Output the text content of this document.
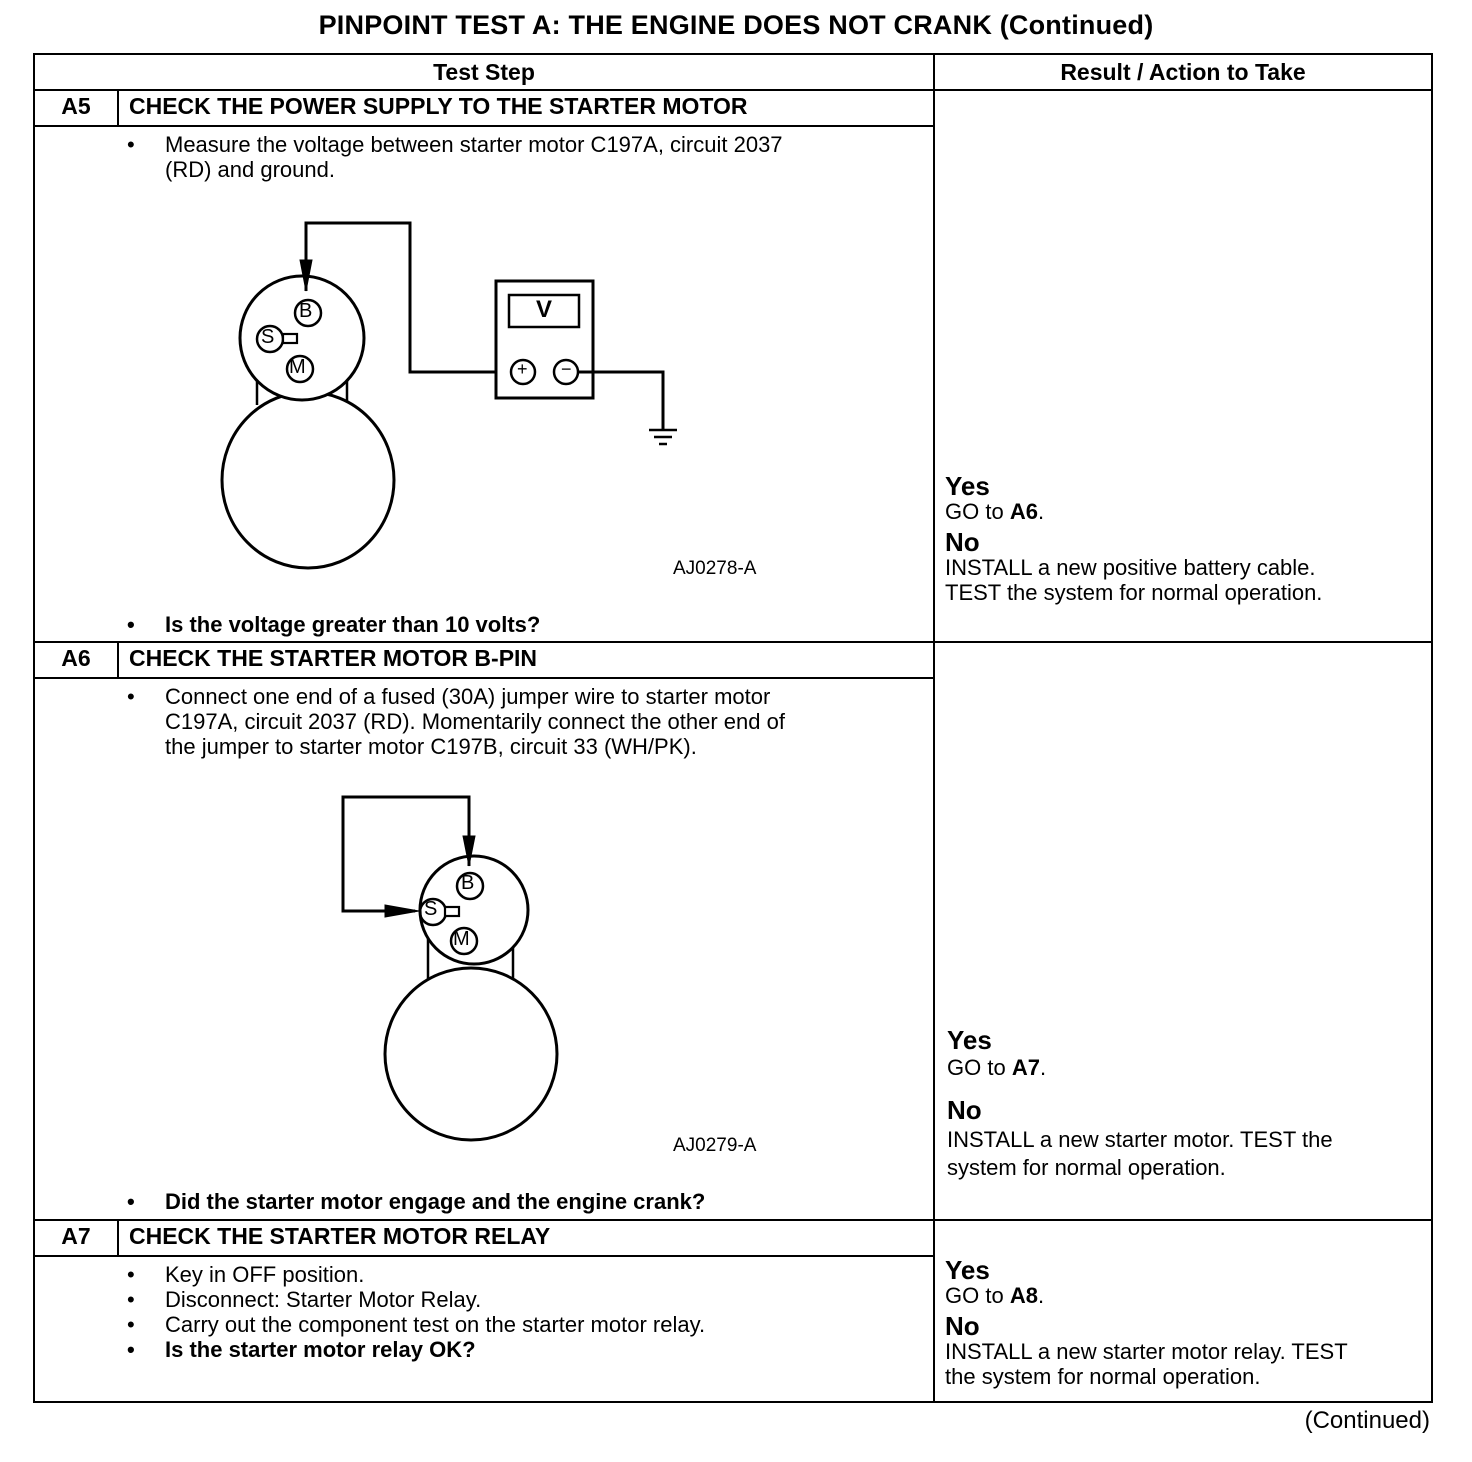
PINPOINT TEST A: THE ENGINE DOES NOT CRANK (Continued)
Test Step	Result / Action to Take
A5	CHECK THE POWER SUPPLY TO THE STARTER MOTOR
• Measure the voltage between starter motor C197A, circuit 2037
(RD) and ground.
B
S
M
V
+ −
AJ0278-A
• Is the voltage greater than 10 volts?
Yes
GO to A6.
No
INSTALL a new positive battery cable.
TEST the system for normal operation.
A6	CHECK THE STARTER MOTOR B-PIN
• Connect one end of a fused (30A) jumper wire to starter motor
C197A, circuit 2037 (RD). Momentarily connect the other end of
the jumper to starter motor C197B, circuit 33 (WH/PK).
B
S
M
AJ0279-A
• Did the starter motor engage and the engine crank?
Yes
GO to A7.
No
INSTALL a new starter motor. TEST the
system for normal operation.
A7	CHECK THE STARTER MOTOR RELAY
• Key in OFF position.
• Disconnect: Starter Motor Relay.
• Carry out the component test on the starter motor relay.
• Is the starter motor relay OK?
Yes
GO to A8.
No
INSTALL a new starter motor relay. TEST
the system for normal operation.
(Continued)
